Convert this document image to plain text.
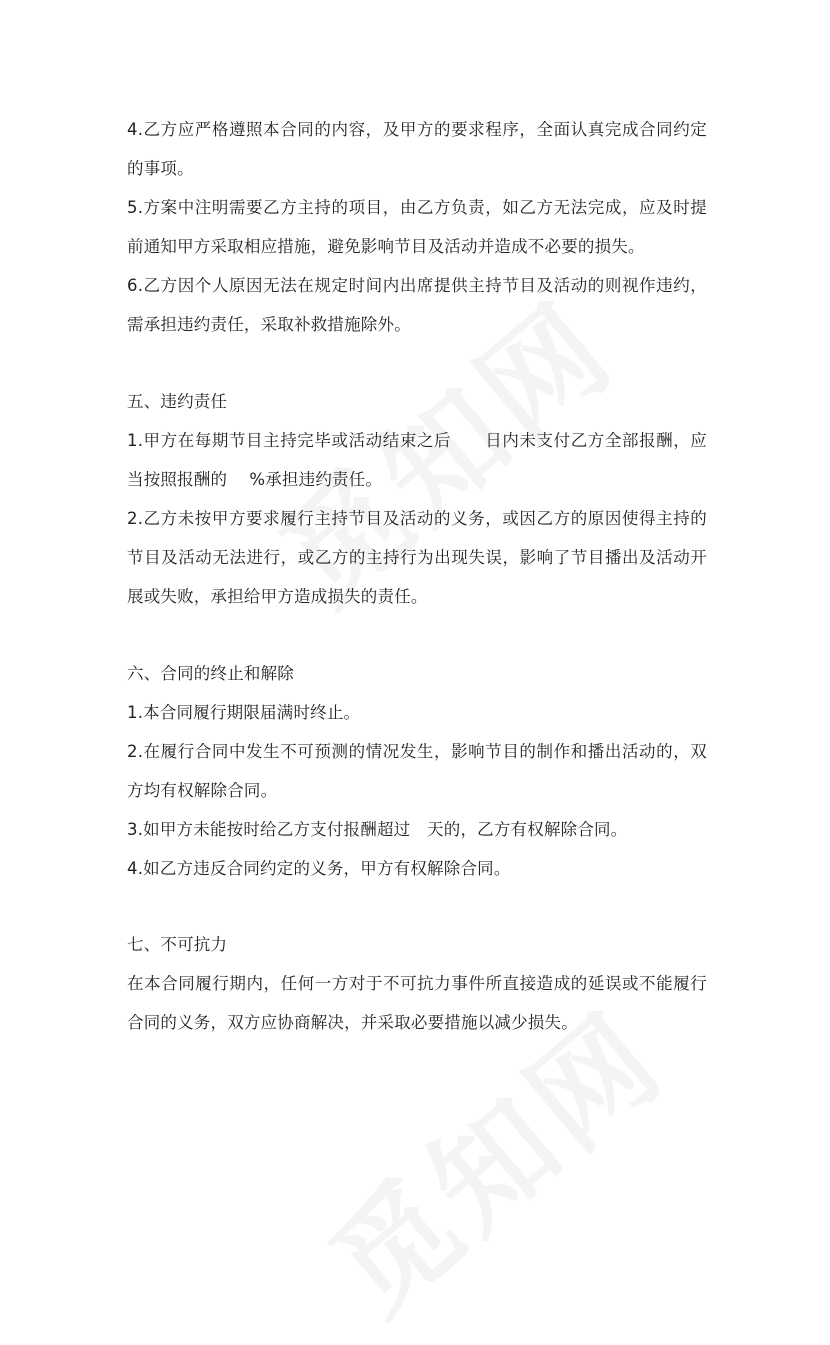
4.乙方应严格遵照本合同的内容，及甲方的要求程序，全面认真完成合同约定的事项。

5.方案中注明需要乙方主持的项目，由乙方负责，如乙方无法完成，应及时提前通知甲方采取相应措施，避免影响节目及活动并造成不必要的损失。

6.乙方因个人原因无法在规定时间内出席提供主持节目及活动的则视作违约，需承担违约责任，采取补救措施除外。

五、违约责任

1.甲方在每期节目主持完毕或活动结束之后　　日内未支付乙方全部报酬，应当按照报酬的　 %承担违约责任。

2.乙方未按甲方要求履行主持节目及活动的义务，或因乙方的原因使得主持的节目及活动无法进行，或乙方的主持行为出现失误，影响了节目播出及活动开展或失败，承担给甲方造成损失的责任。

六、合同的终止和解除

1.本合同履行期限届满时终止。

2.在履行合同中发生不可预测的情况发生，影响节目的制作和播出活动的，双方均有权解除合同。

3.如甲方未能按时给乙方支付报酬超过　天的，乙方有权解除合同。

4.如乙方违反合同约定的义务，甲方有权解除合同。

七、不可抗力

在本合同履行期内，任何一方对于不可抗力事件所直接造成的延误或不能履行合同的义务，双方应协商解决，并采取必要措施以减少损失。
